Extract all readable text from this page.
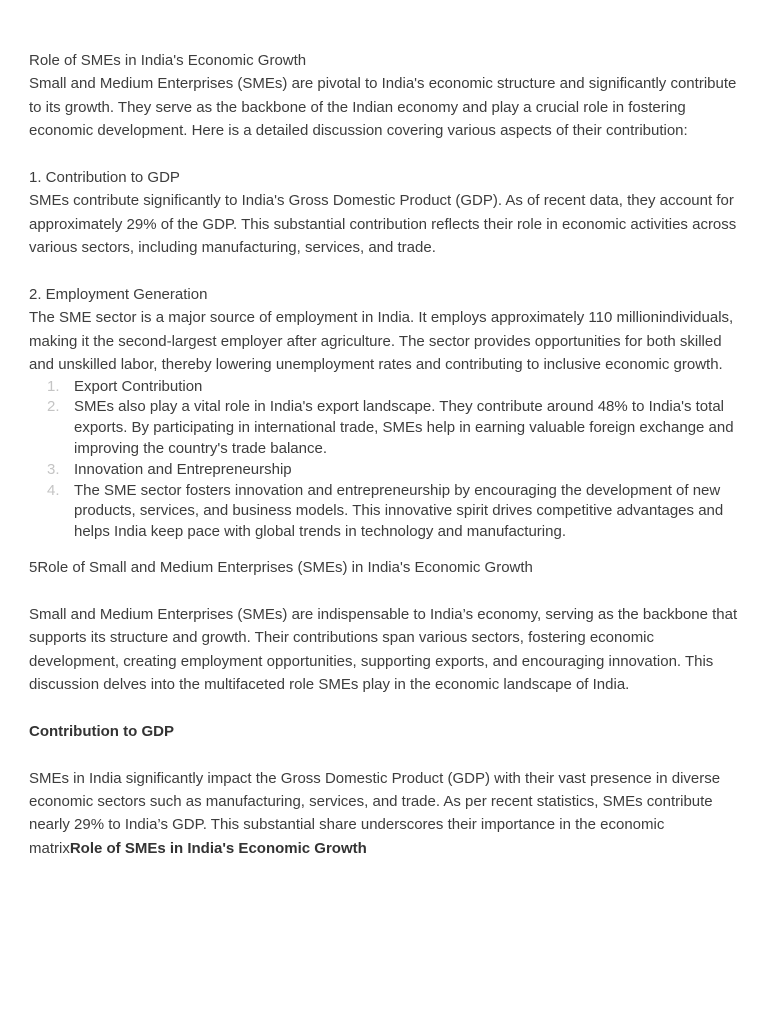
Role of SMEs in India's Economic Growth

Small and Medium Enterprises (SMEs) are pivotal to India's economic structure and significantly contribute to its growth. They serve as the backbone of the Indian economy and play a crucial role in fostering economic development. Here is a detailed discussion covering various aspects of their contribution:

1. Contribution to GDP

SMEs contribute significantly to India's Gross Domestic Product (GDP). As of recent data, they account for approximately 29% of the GDP. This substantial contribution reflects their role in economic activities across various sectors, including manufacturing, services, and trade.

2. Employment Generation

The SME sector is a major source of employment in India. It employs approximately 110 millionindividuals, making it the second-largest employer after agriculture. The sector provides opportunities for both skilled and unskilled labor, thereby lowering unemployment rates and contributing to inclusive economic growth.

1. Export Contribution
2. SMEs also play a vital role in India's export landscape. They contribute around 48% to India's total exports. By participating in international trade, SMEs help in earning valuable foreign exchange and improving the country's trade balance.
3. Innovation and Entrepreneurship
4. The SME sector fosters innovation and entrepreneurship by encouraging the development of new products, services, and business models. This innovative spirit drives competitive advantages and helps India keep pace with global trends in technology and manufacturing.

5Role of Small and Medium Enterprises (SMEs) in India's Economic Growth

Small and Medium Enterprises (SMEs) are indispensable to India’s economy, serving as the backbone that supports its structure and growth. Their contributions span various sectors, fostering economic development, creating employment opportunities, supporting exports, and encouraging innovation. This discussion delves into the multifaceted role SMEs play in the economic landscape of India.

Contribution to GDP

SMEs in India significantly impact the Gross Domestic Product (GDP) with their vast presence in diverse economic sectors such as manufacturing, services, and trade. As per recent statistics, SMEs contribute nearly 29% to India’s GDP. This substantial share underscores their importance in the economic matrixRole of SMEs in India's Economic Growth
